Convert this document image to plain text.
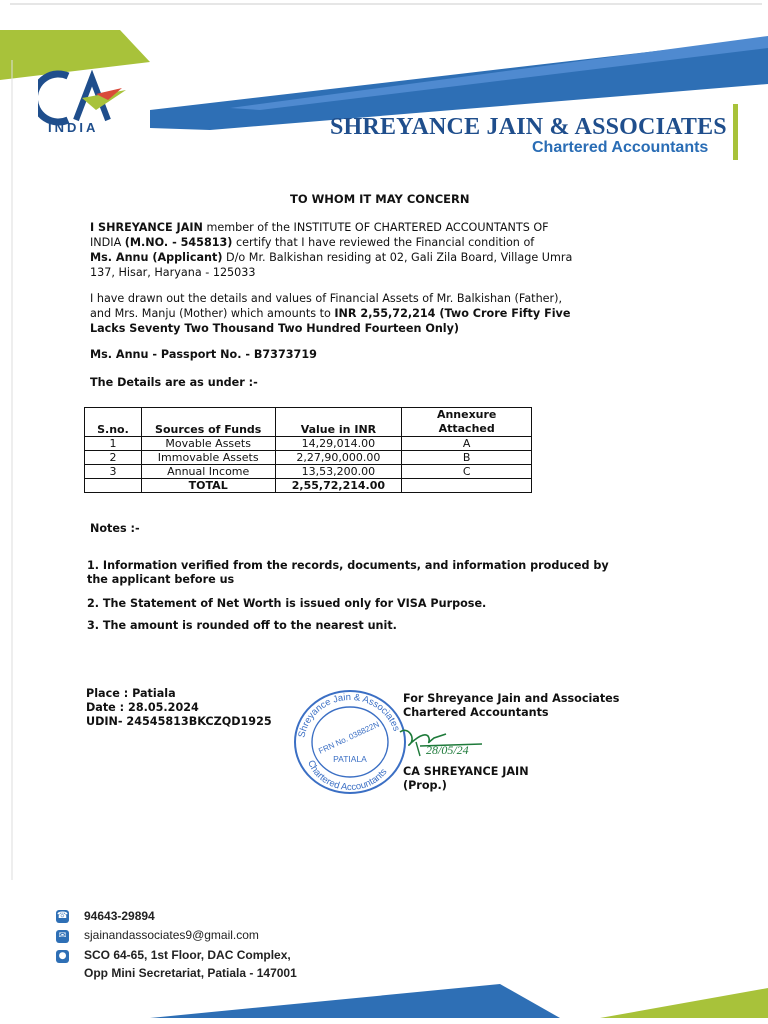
INDIA	SHREYANCE JAIN & ASSOCIATES
Chartered Accountants
TO WHOM IT MAY CONCERN
I SHREYANCE JAIN member of the INSTITUTE OF CHARTERED ACCOUNTANTS OF
INDIA (M.NO. - 545813) certify that I have reviewed the Financial condition of
Ms. Annu (Applicant) D/o Mr. Balkishan residing at 02, Gali Zila Board, Village Umra
137, Hisar, Haryana - 125033
I have drawn out the details and values of Financial Assets of Mr. Balkishan (Father),
and Mrs. Manju (Mother) which amounts to INR 2,55,72,214 (Two Crore Fifty Five
Lacks Seventy Two Thousand Two Hundred Fourteen Only)
Ms. Annu - Passport No. - B7373719
The Details are as under :-
S.no.	Sources of Funds	Value in INR	Annexure
Attached

1	Movable Assets	14,29,014.00	A
2	Immovable Assets	2,27,90,000.00	B
3	Annual Income	13,53,200.00	C
	TOTAL	2,55,72,214.00	
Notes :-
1. Information verified from the records, documents, and information produced by
the applicant before us
2. The Statement of Net Worth is issued only for VISA Purpose.
3. The amount is rounded off to the nearest unit.
Place : Patiala
Date : 28.05.2024
UDIN- 24545813BKCZQD1925
Shreyance Jain & Associates
Chartered Accountants
FRN No. 038822N
PATIALA
For Shreyance Jain and Associates
Chartered Accountants
28/05/24
CA SHREYANCE JAIN
(Prop.)
☎ 94643-29894
✉ sjainandassociates9@gmail.com
● SCO 64-65, 1st Floor, DAC Complex,
Opp Mini Secretariat, Patiala - 147001
